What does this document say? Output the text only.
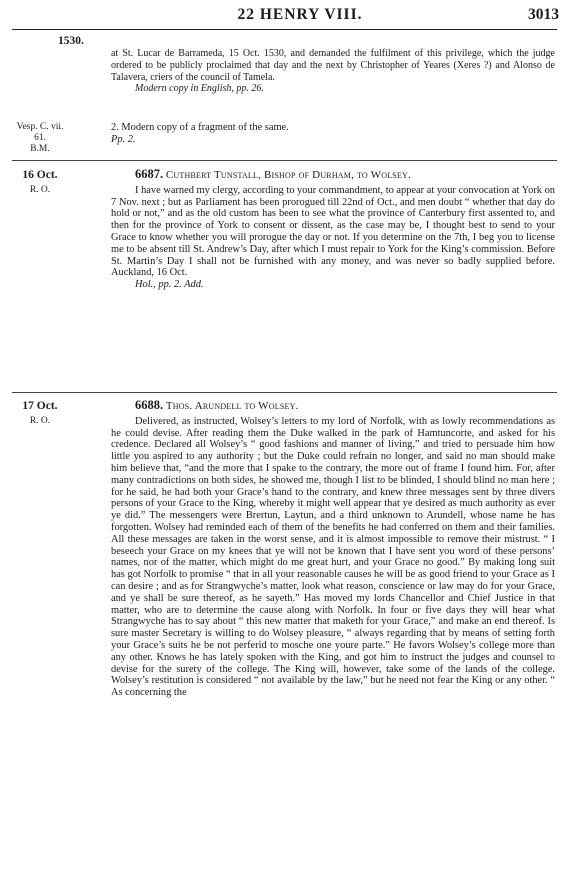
22 HENRY VIII.	3013
1530.

at St. Lucar de Barrameda, 15 Oct. 1530, and demanded the fulfilment of this privilege, which the judge ordered to be publicly proclaimed that day and the next by Christopher of Yeares (Xeres ?) and Alonso de Talavera, criers of the council of Tamela.

Modern copy in English, pp. 26.

Vesp. C. vii.
61.
B.M.

2. Modern copy of a fragment of the same.

Pp. 2.

16 Oct.
R. O.

6687. Cuthbert Tunstall, Bishop of Durham, to Wolsey.

I have warned my clergy, according to your commandment, to appear at your convocation at York on 7 Nov. next ; but as Parliament has been prorogued till 22nd of Oct., and men doubt “ whether that day do hold or not,” and as the old custom has been to see what the province of Canterbury first assented to, and then for the province of York to consent or dissent, as the case may be, I thought best to send to your Grace to know whether you will prorogue the day or not. If you determine on the 7th, I beg you to license me to be absent till St. Andrew’s Day, after which I must repair to York for the King’s commission. Before St. Martin’s Day I shall not be furnished with any money, and was never so badly supplied before. Auckland, 16 Oct.

Hol., pp. 2. Add.

17 Oct.
R. O.

6688. Thos. Arundell to Wolsey.

Delivered, as instructed, Wolsey’s letters to my lord of Norfolk, with as lowly recommendations as he could devise. After reading them the Duke walked in the park of Hamtuncorte, and asked for his credence. Declared all Wolsey’s “ good fashions and manner of living,” and tried to persuade him how little you aspired to any authority ; but the Duke could refrain no longer, and said no man should make him believe that, “and the more that I spake to the contrary, the more out of frame I found him. For, after many contradictions on both sides, he showed me, though I list to be blinded, I should blind no man here ; for he said, he had both your Grace’s hand to the contrary, and knew three messages sent by three divers persons of your Grace to the King, whereby it might well appear that ye desired as much authority as ever ye did.” The messengers were Brertun, Laytun, and a third unknown to Arundell, whose name he has forgotten. Wolsey had reminded each of them of the benefits he had conferred on them and their families. All these messages are taken in the worst sense, and it is almost impossible to remove their mistrust. “ I beseech your Grace on my knees that ye will not be known that I have sent you word of these persons’ names, nor of the matter, which might do me great hurt, and your Grace no good.” By making long suit has got Norfolk to promise “ that in all your reasonable causes he will be as good friend to your Grace as I can desire ; and as for Strangwyche’s matter, look what reason, conscience or law may do for your Grace, and ye shall be sure thereof, as he sayeth.” Has moved my lords Chancellor and Chief Justice in that matter, who are to determine the cause along with Norfolk. In four or five days they will hear what Strangwyche has to say about “ this new matter that maketh for your Grace,” and make an end thereof. Is sure master Secretary is willing to do Wolsey pleasure, “ always regarding that by means of setting forth your Grace’s suits he be not perferid to mosche one youre parte.” He favors Wolsey’s college more than any other. Knows he has lately spoken with the King, and got him to instruct the judges and counsel to devise for the surety of the college. The King will, however, take some of the lands of the college. Wolsey’s restitution is considered “ not available by the law,” but he need not fear the King or any other. “ As concerning the
